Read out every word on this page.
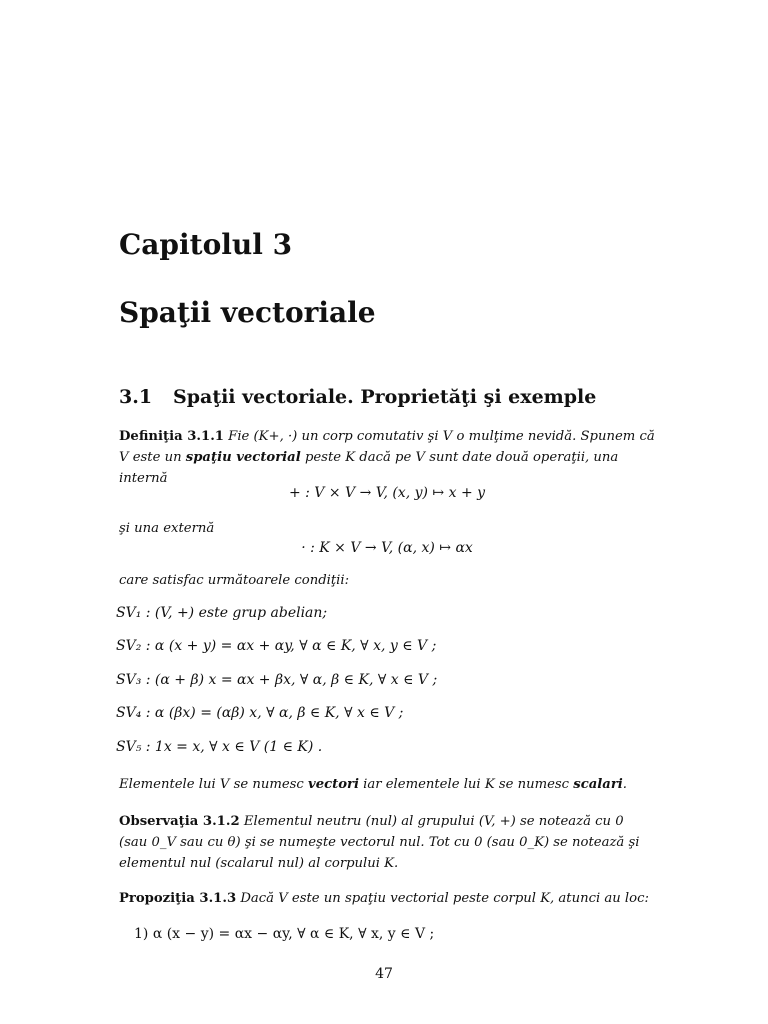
Capitolul 3
Spaţii vectoriale
3.1 Spaţii vectoriale. Proprietăţi şi exemple
Definiţia 3.1.1 Fie (K+, ·) un corp comutativ şi V o mulţime nevidă. Spunem că V este un spaţiu vectorial peste K dacă pe V sunt date două operaţii, una internă
+ : V × V → V, (x, y) ↦ x + y
şi una externă
· : K × V → V, (α, x) ↦ αx
care satisfac următoarele condiţii:
SV₁ : (V, +) este grup abelian;
SV₂ : α (x + y) = αx + αy, ∀ α ∈ K, ∀ x, y ∈ V ;
SV₃ : (α + β) x = αx + βx, ∀ α, β ∈ K, ∀ x ∈ V ;
SV₄ : α (βx) = (αβ) x, ∀ α, β ∈ K, ∀ x ∈ V ;
SV₅ : 1x = x, ∀ x ∈ V (1 ∈ K) .
Elementele lui V se numesc vectori iar elementele lui K se numesc scalari.
Observaţia 3.1.2 Elementul neutru (nul) al grupului (V, +) se notează cu 0 (sau 0_V sau cu θ) şi se numeşte vectorul nul. Tot cu 0 (sau 0_K) se notează şi elementul nul (scalarul nul) al corpului K.
Propoziţia 3.1.3 Dacă V este un spaţiu vectorial peste corpul K, atunci au loc:
1) α (x − y) = αx − αy, ∀ α ∈ K, ∀ x, y ∈ V ;
47
